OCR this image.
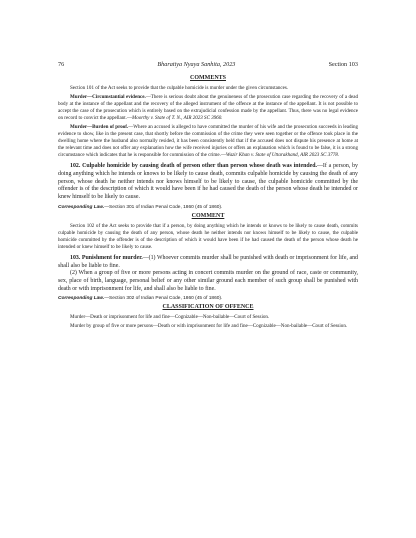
76	Bharatiya Nyaya Sanhita, 2023	Section 103
COMMENTS

Section 101 of the Act seeks to provide that the culpable homicide is murder under the given circumstances.

Murder—Circumstantial evidence.—There is serious doubt about the genuineness of the prosecution case regarding the recovery of a dead body at the instance of the appellant and the recovery of the alleged instrument of the offence at the instance of the appellant. It is not possible to accept the case of the prosecution which is entirely based on the extrajudicial confession made by the appellant. Thus, there was no legal evidence on record to convict the appellant.—Moorthy v. State of T. N., AIR 2023 SC 3960.

Murder—Burden of proof.—Where an accused is alleged to have committed the murder of his wife and the prosecution succeeds in leading evidence to show, like in the present case, that shortly before the commission of the crime they were seen together or the offence took place in the dwelling home where the husband also normally resided, it has been consistently held that if the accused does not dispute his presence at home at the relevant time and does not offer any explanation how the wife received injuries or offers an explanation which is found to be false, it is a strong circumstance which indicates that he is responsible for commission of the crime.—Wazir Khan v. State of Uttarakhand, AIR 2023 SC 3778.

102. Culpable homicide by causing death of person other than person whose death was intended.—If a person, by doing anything which he intends or knows to be likely to cause death, commits culpable homicide by causing the death of any person, whose death he neither intends nor knows himself to be likely to cause, the culpable homicide committed by the offender is of the description of which it would have been if he had caused the death of the person whose death he intended or knew himself to be likely to cause.

Corresponding Law.—Section 301 of Indian Penal Code, 1860 (45 of 1860).
COMMENT

Section 102 of the Act seeks to provide that if a person, by doing anything which he intends or knows to be likely to cause death, commits culpable homicide by causing the death of any person, whose death he neither intends nor knows himself to be likely to cause, the culpable homicide committed by the offender is of the description of which it would have been if he had caused the death of the person whose death he intended or knew himself to be likely to cause.

103. Punishment for murder.—(1) Whoever commits murder shall be punished with death or imprisonment for life, and shall also be liable to fine.

(2) When a group of five or more persons acting in concert commits murder on the ground of race, caste or community, sex, place of birth, language, personal belief or any other similar ground each member of such group shall be punished with death or with imprisonment for life, and shall also be liable to fine.

Corresponding Law.—Section 302 of Indian Penal Code, 1860 (45 of 1860).
CLASSIFICATION OF OFFENCE

Murder—Death or imprisonment for life and fine—Cognizable—Non-bailable—Court of Session.

Murder by group of five or more persons—Death or with imprisonment for life and fine—Cognizable—Non-bailable—Court of Session.
